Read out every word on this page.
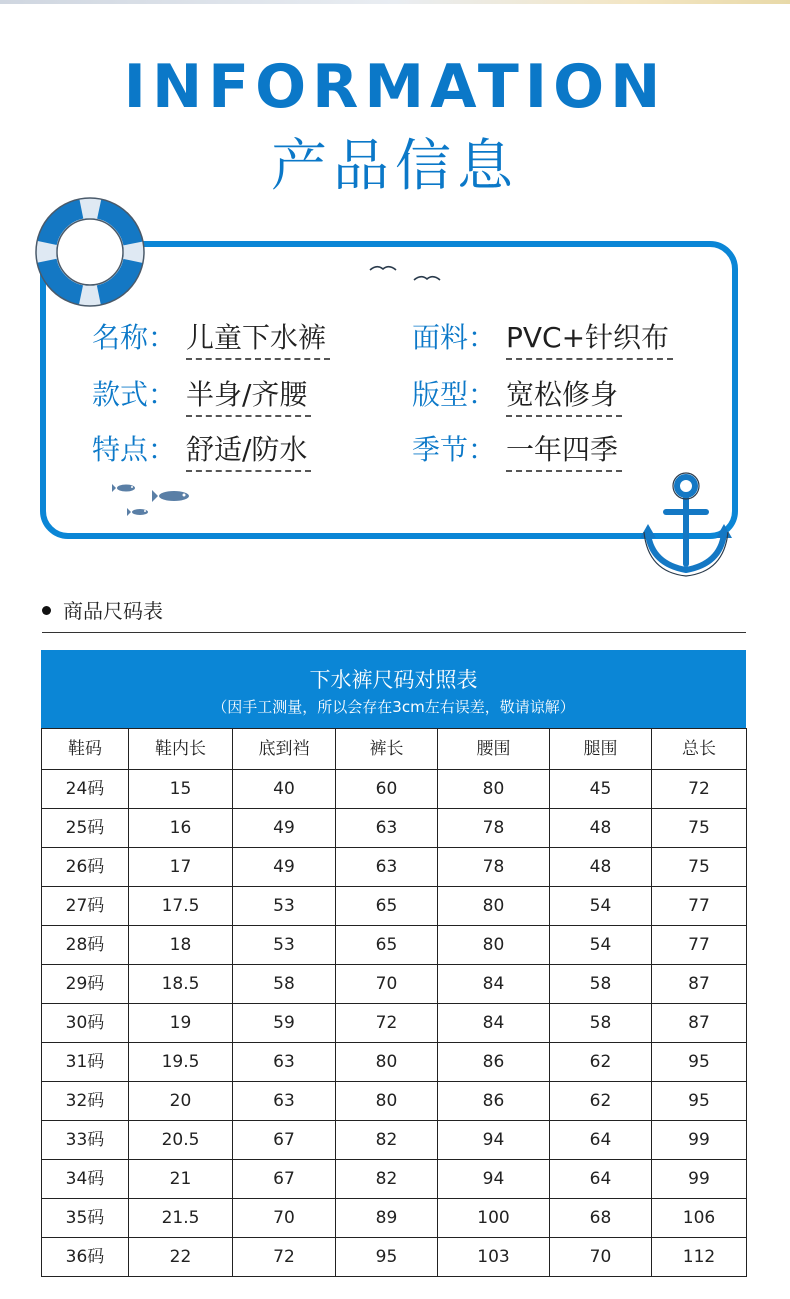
INFORMATION
产品信息
名称： 儿童下水裤	面料： PVC+针织布
款式： 半身/齐腰	版型： 宽松修身
特点： 舒适/防水	季节： 一年四季
商品尺码表
下水裤尺码对照表
（因手工测量，所以会存在3cm左右误差，敬请谅解）
鞋码	鞋内长	底到裆	裤长	腰围	腿围	总长
24码	15	40	60	80	45	72
25码	16	49	63	78	48	75
26码	17	49	63	78	48	75
27码	17.5	53	65	80	54	77
28码	18	53	65	80	54	77
29码	18.5	58	70	84	58	87
30码	19	59	72	84	58	87
31码	19.5	63	80	86	62	95
32码	20	63	80	86	62	95
33码	20.5	67	82	94	64	99
34码	21	67	82	94	64	99
35码	21.5	70	89	100	68	106
36码	22	72	95	103	70	112
